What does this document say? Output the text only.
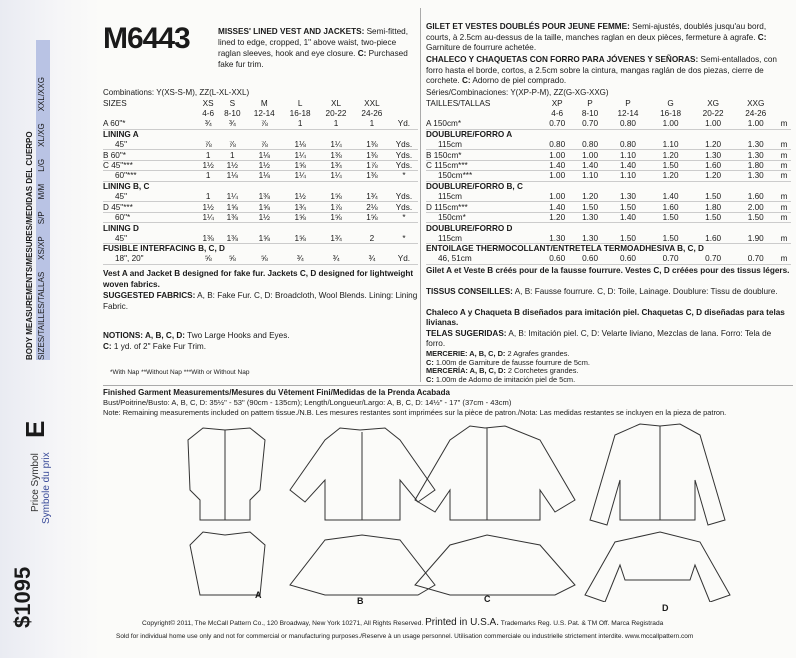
$1095
Price Symbol Symbole du prix
E
BODY MEASUREMENTS/MESURES/MEDIDAS DEL CUERPO SIZES/TAILLES/TALLAS
XS/XP
S/P
M/M
L/G
XL/XG
XXL/XXG
M6443	MISSES' LINED VEST AND JACKETS: Semi-fitted, lined to edge, cropped, 1" above waist, two-piece raglan sleeves, hook and eye closure. C: Purchased fake fur trim.
GILET ET VESTES DOUBLÉS POUR JEUNE FEMME: Semi-ajustés, doublés jusqu'au bord, courts, à 2.5cm au-dessus de la taille, manches raglan en deux pièces, fermeture à agrafe. C: Garniture de fourrure achetée.
CHALECO Y CHAQUETAS CON FORRO PARA JÓVENES Y SEÑORAS: Semi-entallados, con forro hasta el borde, cortos, a 2.5cm sobre la cintura, mangas raglán de dos piezas, cierre de corchete. C: Adorno de piel comprado.
Combinations: Y(XS-S-M), ZZ(L-XL-XXL)
SIZES	XS	S	M	L	XL	XXL	
	4-6	8-10	12-14	16-18	20-22	24-26	
A 60"*	¾	¾	⅞	1	1	1	Yd.
LINING A							
45"	⅞	⅞	⅞	1⅛	1¼	1⅜	Yds.
B 60"*	1	1	1⅛	1¼	1⅜	1⅜	Yds.
C 45"***	1½	1½	1½	1⅝	1¾	1⅞	Yds.
60"***	1	1⅛	1⅛	1¼	1¼	1⅜	*
LINING B, C							
45"	1	1¼	1⅜	1½	1⅝	1¾	Yds.
D 45"***	1½	1⅝	1⅝	1¾	1⅞	2⅛	Yds.
60"*	1¼	1⅜	1½	1⅝	1⅝	1⅝	*
LINING D							
45"	1⅜	1⅜	1⅝	1⅝	1¾	2	*
FUSIBLE INTERFACING B, C, D							
18", 20"	⅝	⅝	⅝	¾	¾	¾	Yd.
Séries/Combinaciones: Y(XP-P-M), ZZ(G-XG-XXG)
TAILLES/TALLAS	XP	P	P	G	XG	XXG	
	4-6	8-10	12-14	16-18	20-22	24-26	
A 150cm*	0.70	0.70	0.80	1.00	1.00	1.00	m
DOUBLURE/FORRO A							
115cm	0.80	0.80	0.80	1.10	1.20	1.30	m
B 150cm*	1.00	1.00	1.10	1.20	1.30	1.30	m
C 115cm***	1.40	1.40	1.40	1.50	1.60	1.80	m
150cm***	1.00	1.10	1.10	1.20	1.20	1.30	m
DOUBLURE/FORRO B, C							
115cm	1.00	1.20	1.30	1.40	1.50	1.60	m
D 115cm***	1.40	1.50	1.50	1.60	1.80	2.00	m
150cm*	1.20	1.30	1.40	1.50	1.50	1.50	m
DOUBLURE/FORRO D							
115cm	1.30	1.30	1.50	1.50	1.60	1.90	m
ENTOILAGE THERMOCOLLANT/ENTRETELA TERMOADHESIVA B, C, D							
46, 51cm	0.60	0.60	0.60	0.70	0.70	0.70	m
Vest A and Jacket B designed for fake fur. Jackets C, D designed for lightweight woven fabrics.
SUGGESTED FABRICS: A, B: Fake Fur. C, D: Broadcloth, Wool Blends. Lining: Lining Fabric.
NOTIONS: A, B, C, D: Two Large Hooks and Eyes.
C: 1 yd. of 2" Fake Fur Trim.
*With Nap **Without Nap ***With or Without Nap
Gilet A et Veste B créés pour de la fausse fourrure. Vestes C, D créées pour des tissus légers.
TISSUS CONSEILLES: A, B: Fausse fourrure. C, D: Toile, Lainage. Doublure: Tissu de doublure.
Chaleco A y Chaqueta B diseñados para imitación piel. Chaquetas C, D diseñadas para telas livianas.
TELAS SUGERIDAS: A, B: Imitación piel. C, D: Velarte liviano, Mezclas de lana. Forro: Tela de forro.
MERCERIE: A, B, C, D: 2 Agrafes grandes.
C: 1.00m de Garniture de fausse fourrure de 5cm.
MERCERÍA: A, B, C, D: 2 Corchetes grandes.
C: 1.00m de Adomo de imitación piel de 5cm.
Finished Garment Measurements/Mesures du Vêtement Fini/Medidas de la Prenda Acabada
Bust/Poitrine/Busto: A, B, C, D: 35½" - 53" (90cm - 135cm); Length/Longueur/Largo: A, B, C, D: 14½" - 17" (37cm - 43cm)
Note: Remaining measurements included on pattern tissue./N.B. Les mesures restantes sont imprimées sur la pièce de patron./Nota: Las medidas restantes se incluyen en la pieza de patron.
A
B	C
D
Copyright© 2011, The McCall Pattern Co., 120 Broadway, New York 10271, All Rights Reserved. Printed in U.S.A. Trademarks Reg. U.S. Pat. & TM Off. Marca Registrada
Sold for individual home use only and not for commercial or manufacturing purposes./Reserve à un usage personnel. Utilisation commerciale ou industrielle strictement interdite. www.mccallpattern.com
